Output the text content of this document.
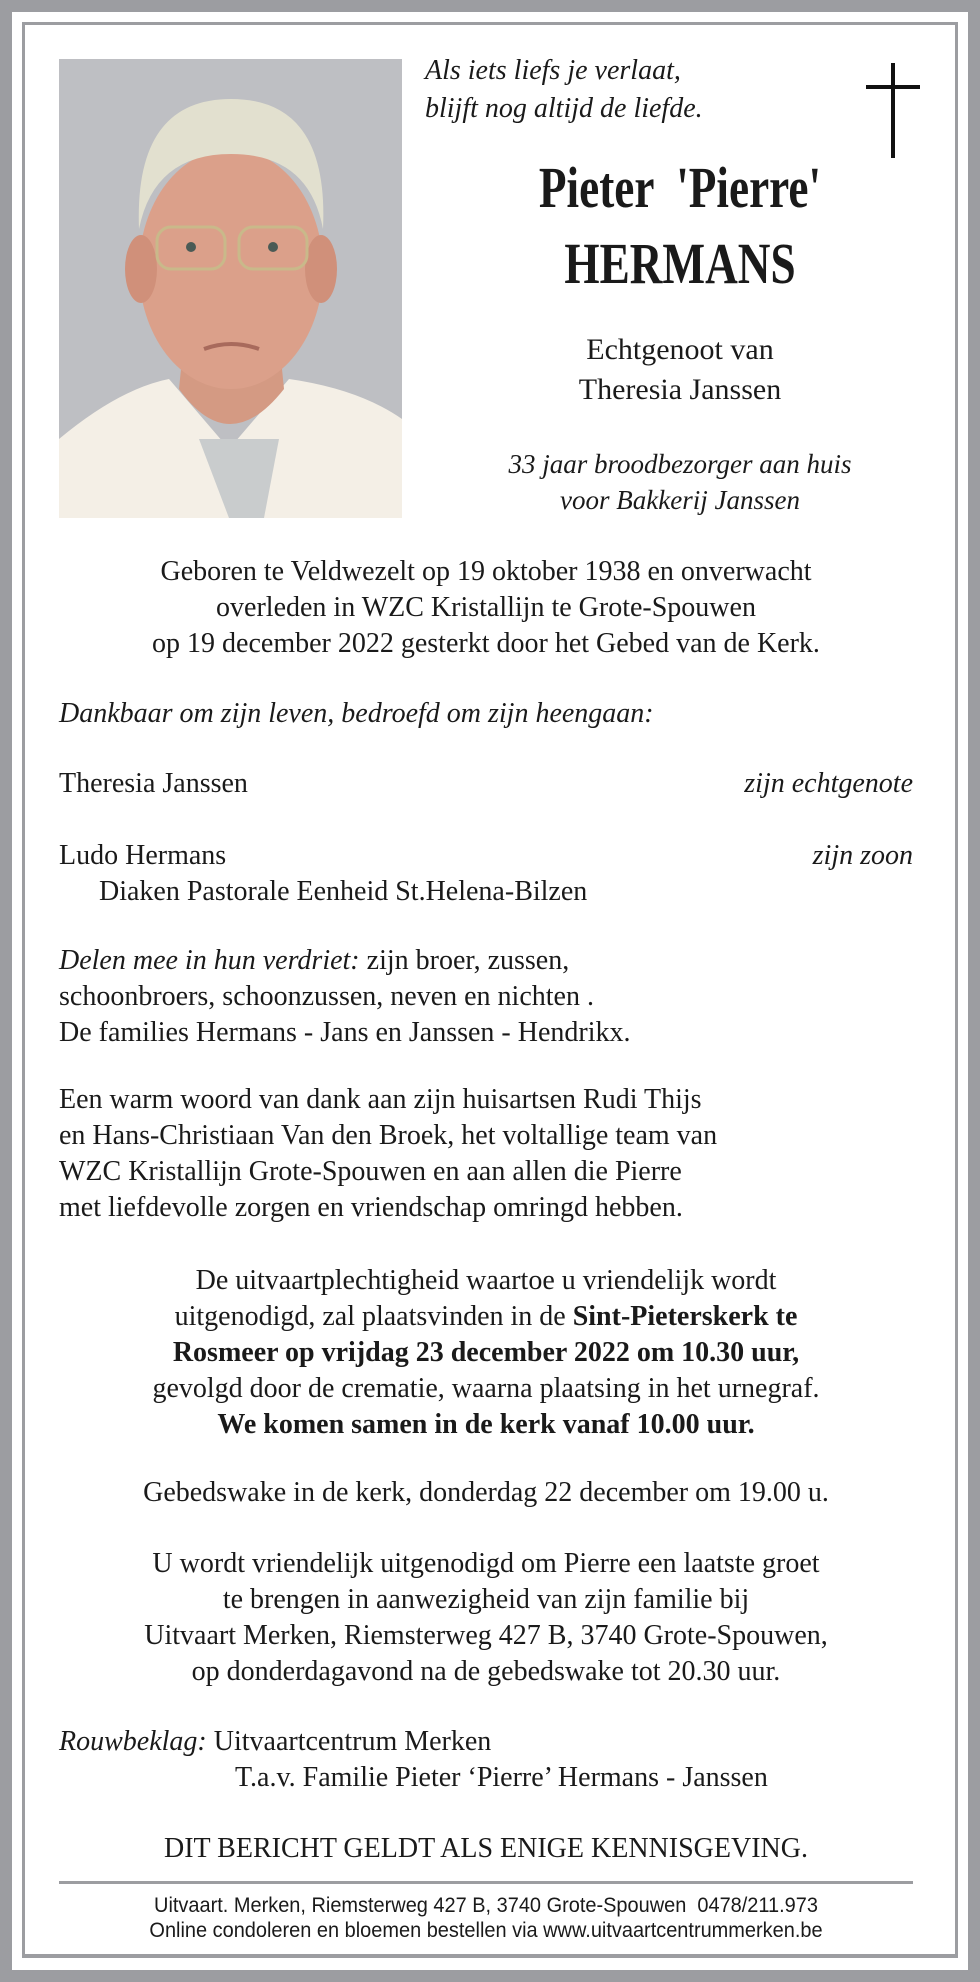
Als iets liefs je verlaat,
blijft nog altijd de liefde.
Pieter  'Pierre'
HERMANS
Echtgenoot van
Theresia Janssen
33 jaar broodbezorger aan huis
voor Bakkerij Janssen
Geboren te Veldwezelt op 19 oktober 1938 en onverwacht
overleden in WZC Kristallijn te Grote-Spouwen
op 19 december 2022 gesterkt door het Gebed van de Kerk.
Dankbaar om zijn leven, bedroefd om zijn heengaan:
Theresia Janssen	zijn echtgenote
Ludo Hermans	zijn zoon
Diaken Pastorale Eenheid St.Helena-Bilzen
Delen mee in hun verdriet: zijn broer, zussen,
schoonbroers, schoonzussen, neven en nichten .
De families Hermans - Jans en Janssen - Hendrikx.
Een warm woord van dank aan zijn huisartsen Rudi Thijs
en Hans-Christiaan Van den Broek, het voltallige team van
WZC Kristallijn Grote-Spouwen en aan allen die Pierre
met liefdevolle zorgen en vriendschap omringd hebben.
De uitvaartplechtigheid waartoe u vriendelijk wordt
uitgenodigd, zal plaatsvinden in de Sint-Pieterskerk te
Rosmeer op vrijdag 23 december 2022 om 10.30 uur,
gevolgd door de crematie, waarna plaatsing in het urnegraf.
We komen samen in de kerk vanaf 10.00 uur.
Gebedswake in de kerk, donderdag 22 december om 19.00 u.
U wordt vriendelijk uitgenodigd om Pierre een laatste groet
te brengen in aanwezigheid van zijn familie bij
Uitvaart Merken, Riemsterweg 427 B, 3740 Grote-Spouwen,
op donderdagavond na de gebedswake tot 20.30 uur.
Rouwbeklag: Uitvaartcentrum Merken
T.a.v. Familie Pieter ‘Pierre’ Hermans - Janssen
DIT BERICHT GELDT ALS ENIGE KENNISGEVING.
Uitvaart. Merken, Riemsterweg 427 B, 3740 Grote-Spouwen  0478/211.973
Online condoleren en bloemen bestellen via www.uitvaartcentrummerken.be
